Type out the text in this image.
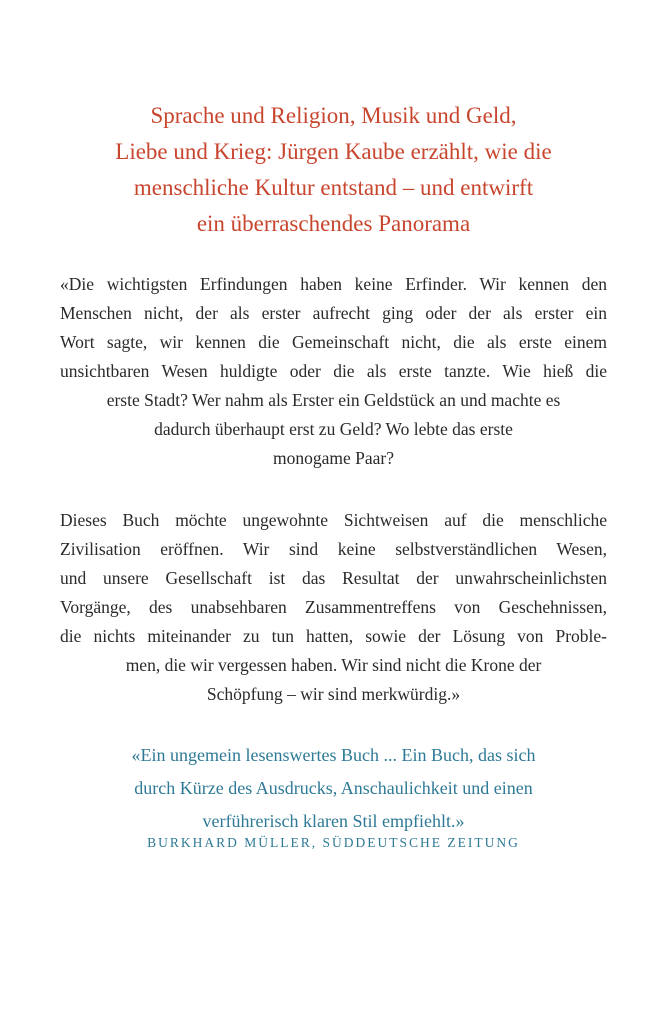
Sprache und Religion, Musik und Geld,
Liebe und Krieg: Jürgen Kaube erzählt, wie die
menschliche Kultur entstand – und entwirft
ein überraschendes Panorama
«Die wichtigsten Erfindungen haben keine Erfinder. Wir kennen den
Menschen nicht, der als erster aufrecht ging oder der als erster ein
Wort sagte, wir kennen die Gemeinschaft nicht, die als erste einem
unsichtbaren Wesen huldigte oder die als erste tanzte. Wie hieß die
erste Stadt? Wer nahm als Erster ein Geldstück an und machte es
dadurch überhaupt erst zu Geld? Wo lebte das erste
monogame Paar?
Dieses Buch möchte ungewohnte Sichtweisen auf die menschliche
Zivilisation eröffnen. Wir sind keine selbstverständlichen Wesen,
und unsere Gesellschaft ist das Resultat der unwahrscheinlichsten
Vorgänge, des unabsehbaren Zusammentreffens von Geschehnissen,
die nichts miteinander zu tun hatten, sowie der Lösung von Proble-
men, die wir vergessen haben. Wir sind nicht die Krone der
Schöpfung – wir sind merkwürdig.»
«Ein ungemein lesenswertes Buch ... Ein Buch, das sich
durch Kürze des Ausdrucks, Anschaulichkeit und einen
verführerisch klaren Stil empfiehlt.»
BURKHARD MÜLLER, SÜDDEUTSCHE ZEITUNG
